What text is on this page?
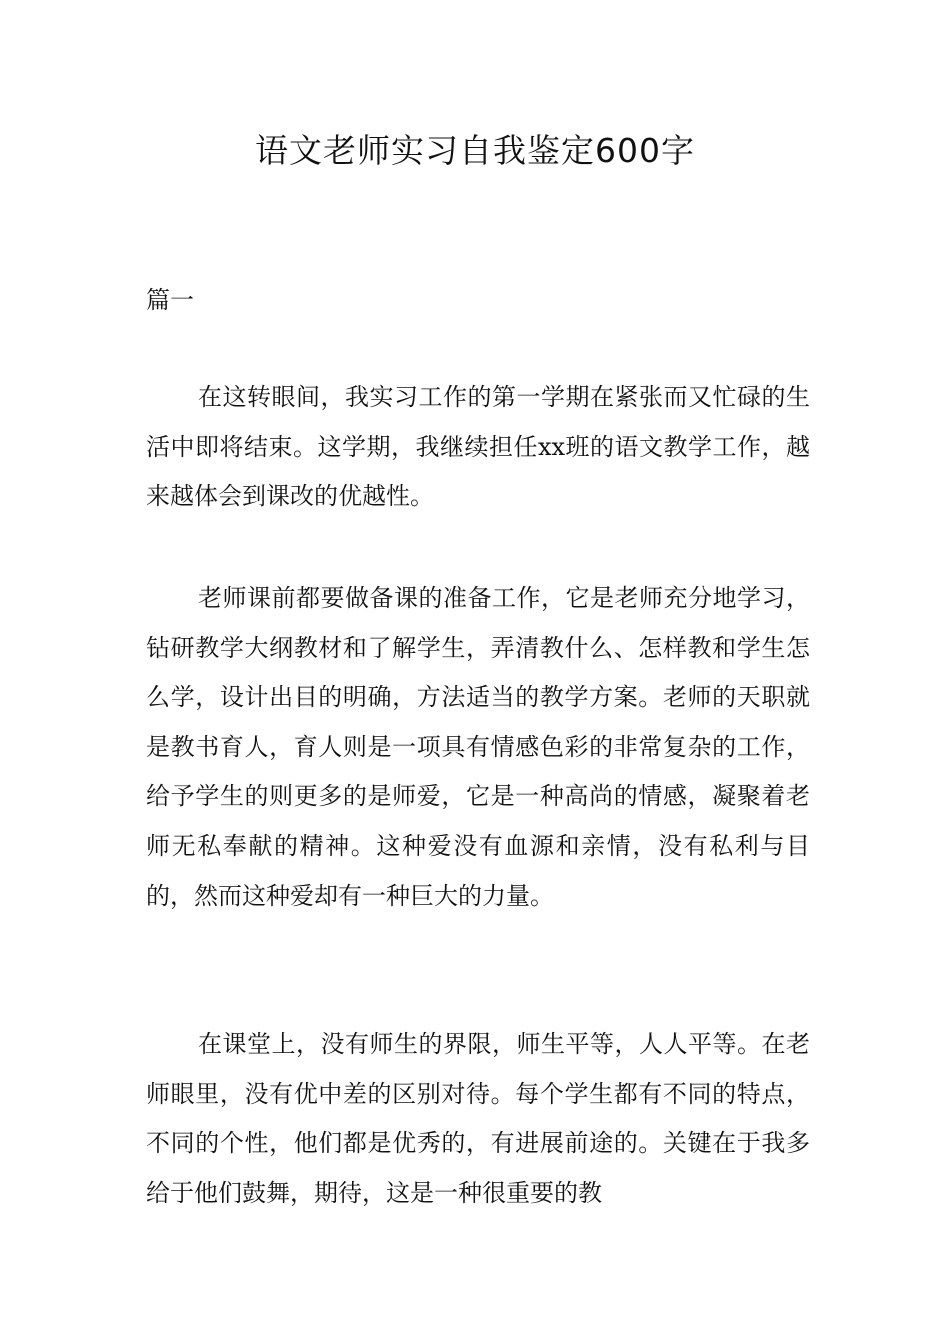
语文老师实习自我鉴定600字

篇一

在这转眼间，我实习工作的第一学期在紧张而又忙碌的生活中即将结束。这学期，我继续担任xx班的语文教学工作，越来越体会到课改的优越性。

老师课前都要做备课的准备工作，它是老师充分地学习，钻研教学大纲教材和了解学生，弄清教什么、怎样教和学生怎么学，设计出目的明确，方法适当的教学方案。老师的天职就是教书育人，育人则是一项具有情感色彩的非常复杂的工作，给予学生的则更多的是师爱，它是一种高尚的情感，凝聚着老师无私奉献的精神。这种爱没有血源和亲情，没有私利与目的，然而这种爱却有一种巨大的力量。

在课堂上，没有师生的界限，师生平等，人人平等。在老师眼里，没有优中差的区别对待。每个学生都有不同的特点，不同的个性，他们都是优秀的，有进展前途的。关键在于我多给于他们鼓舞，期待，这是一种很重要的教
